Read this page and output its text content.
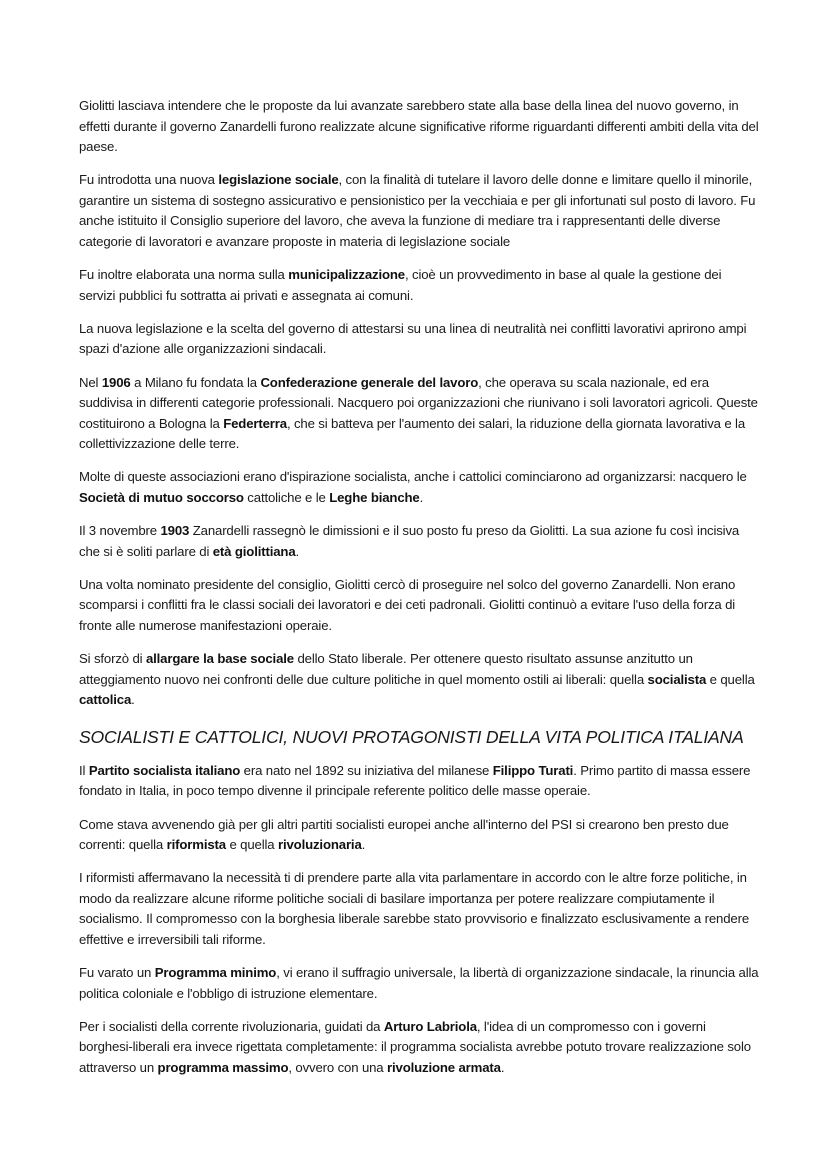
Giolitti lasciava intendere che le proposte da lui avanzate sarebbero state alla base della linea del nuovo governo, in effetti durante il governo Zanardelli furono realizzate alcune significative riforme riguardanti differenti ambiti della vita del paese.

Fu introdotta una nuova legislazione sociale, con la finalità di tutelare il lavoro delle donne e limitare quello il minorile, garantire un sistema di sostegno assicurativo e pensionistico per la vecchiaia e per gli infortunati sul posto di lavoro. Fu anche istituito il Consiglio superiore del lavoro, che aveva la funzione di mediare tra i rappresentanti delle diverse categorie di lavoratori e avanzare proposte in materia di legislazione sociale

Fu inoltre elaborata una norma sulla municipalizzazione, cioè un provvedimento in base al quale la gestione dei servizi pubblici fu sottratta ai privati e assegnata ai comuni.

La nuova legislazione e la scelta del governo di attestarsi su una linea di neutralità nei conflitti lavorativi aprirono ampi spazi d'azione alle organizzazioni sindacali.

Nel 1906 a Milano fu fondata la Confederazione generale del lavoro, che operava su scala nazionale, ed era suddivisa in differenti categorie professionali. Nacquero poi organizzazioni che riunivano i soli lavoratori agricoli. Queste costituirono a Bologna la Federterra, che si batteva per l'aumento dei salari, la riduzione della giornata lavorativa e la collettivizzazione delle terre.

Molte di queste associazioni erano d'ispirazione socialista, anche i cattolici cominciarono ad organizzarsi: nacquero le Società di mutuo soccorso cattoliche e le Leghe bianche.

Il 3 novembre 1903 Zanardelli rassegnò le dimissioni e il suo posto fu preso da Giolitti. La sua azione fu così incisiva che si è soliti parlare di età giolittiana.

Una volta nominato presidente del consiglio, Giolitti cercò di proseguire nel solco del governo Zanardelli. Non erano scomparsi i conflitti fra le classi sociali dei lavoratori e dei ceti padronali. Giolitti continuò a evitare l'uso della forza di fronte alle numerose manifestazioni operaie.

Si sforzò di allargare la base sociale dello Stato liberale. Per ottenere questo risultato assunse anzitutto un atteggiamento nuovo nei confronti delle due culture politiche in quel momento ostili ai liberali: quella socialista e quella cattolica.

SOCIALISTI E CATTOLICI, NUOVI PROTAGONISTI DELLA VITA POLITICA ITALIANA

Il Partito socialista italiano era nato nel 1892 su iniziativa del milanese Filippo Turati. Primo partito di massa essere fondato in Italia, in poco tempo divenne il principale referente politico delle masse operaie.

Come stava avvenendo già per gli altri partiti socialisti europei anche all'interno del PSI si crearono ben presto due correnti: quella riformista e quella rivoluzionaria.

I riformisti affermavano la necessità ti di prendere parte alla vita parlamentare in accordo con le altre forze politiche, in modo da realizzare alcune riforme politiche sociali di basilare importanza per potere realizzare compiutamente il socialismo. Il compromesso con la borghesia liberale sarebbe stato provvisorio e finalizzato esclusivamente a rendere effettive e irreversibili tali riforme.

Fu varato un Programma minimo, vi erano il suffragio universale, la libertà di organizzazione sindacale, la rinuncia alla politica coloniale e l'obbligo di istruzione elementare.

Per i socialisti della corrente rivoluzionaria, guidati da Arturo Labriola, l'idea di un compromesso con i governi borghesi-liberali era invece rigettata completamente: il programma socialista avrebbe potuto trovare realizzazione solo attraverso un programma massimo, ovvero con una rivoluzione armata.
